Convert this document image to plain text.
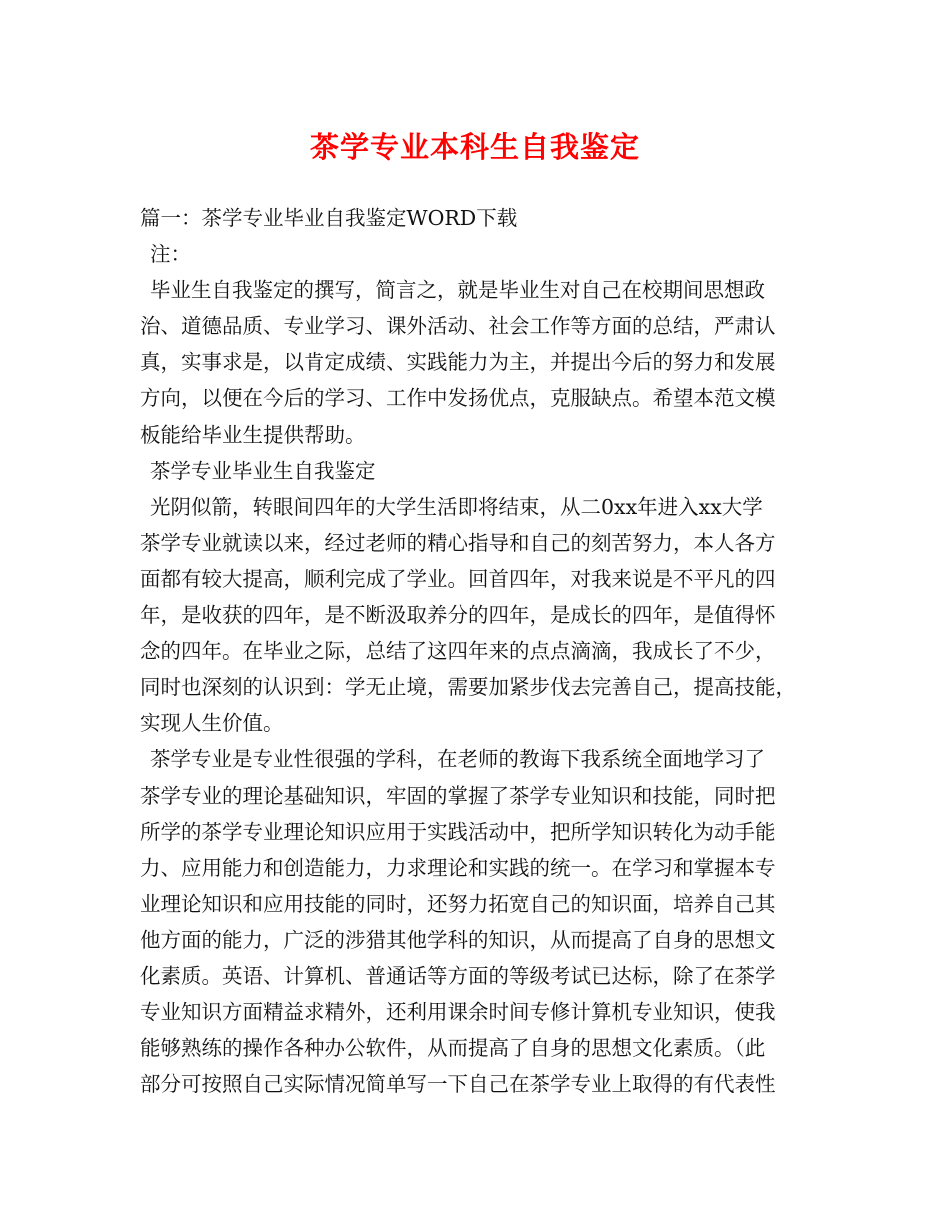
茶学专业本科生自我鉴定
篇一：茶学专业毕业自我鉴定WORD下载
注：
毕业生自我鉴定的撰写，简言之，就是毕业生对自己在校期间思想政
治、道德品质、专业学习、课外活动、社会工作等方面的总结，严肃认
真，实事求是，以肯定成绩、实践能力为主，并提出今后的努力和发展
方向，以便在今后的学习、工作中发扬优点，克服缺点。希望本范文模
板能给毕业生提供帮助。
茶学专业毕业生自我鉴定
光阴似箭，转眼间四年的大学生活即将结束，从二0xx年进入xx大学
茶学专业就读以来，经过老师的精心指导和自己的刻苦努力，本人各方
面都有较大提高，顺利完成了学业。回首四年，对我来说是不平凡的四
年，是收获的四年，是不断汲取养分的四年，是成长的四年，是值得怀
念的四年。在毕业之际，总结了这四年来的点点滴滴，我成长了不少，
同时也深刻的认识到：学无止境，需要加紧步伐去完善自己，提高技能，
实现人生价值。
茶学专业是专业性很强的学科，在老师的教诲下我系统全面地学习了
茶学专业的理论基础知识，牢固的掌握了茶学专业知识和技能，同时把
所学的茶学专业理论知识应用于实践活动中，把所学知识转化为动手能
力、应用能力和创造能力，力求理论和实践的统一。在学习和掌握本专
业理论知识和应用技能的同时，还努力拓宽自己的知识面，培养自己其
他方面的能力，广泛的涉猎其他学科的知识，从而提高了自身的思想文
化素质。英语、计算机、普通话等方面的等级考试已达标，除了在茶学
专业知识方面精益求精外，还利用课余时间专修计算机专业知识，使我
能够熟练的操作各种办公软件，从而提高了自身的思想文化素质。（此
部分可按照自己实际情况简单写一下自己在茶学专业上取得的有代表性
